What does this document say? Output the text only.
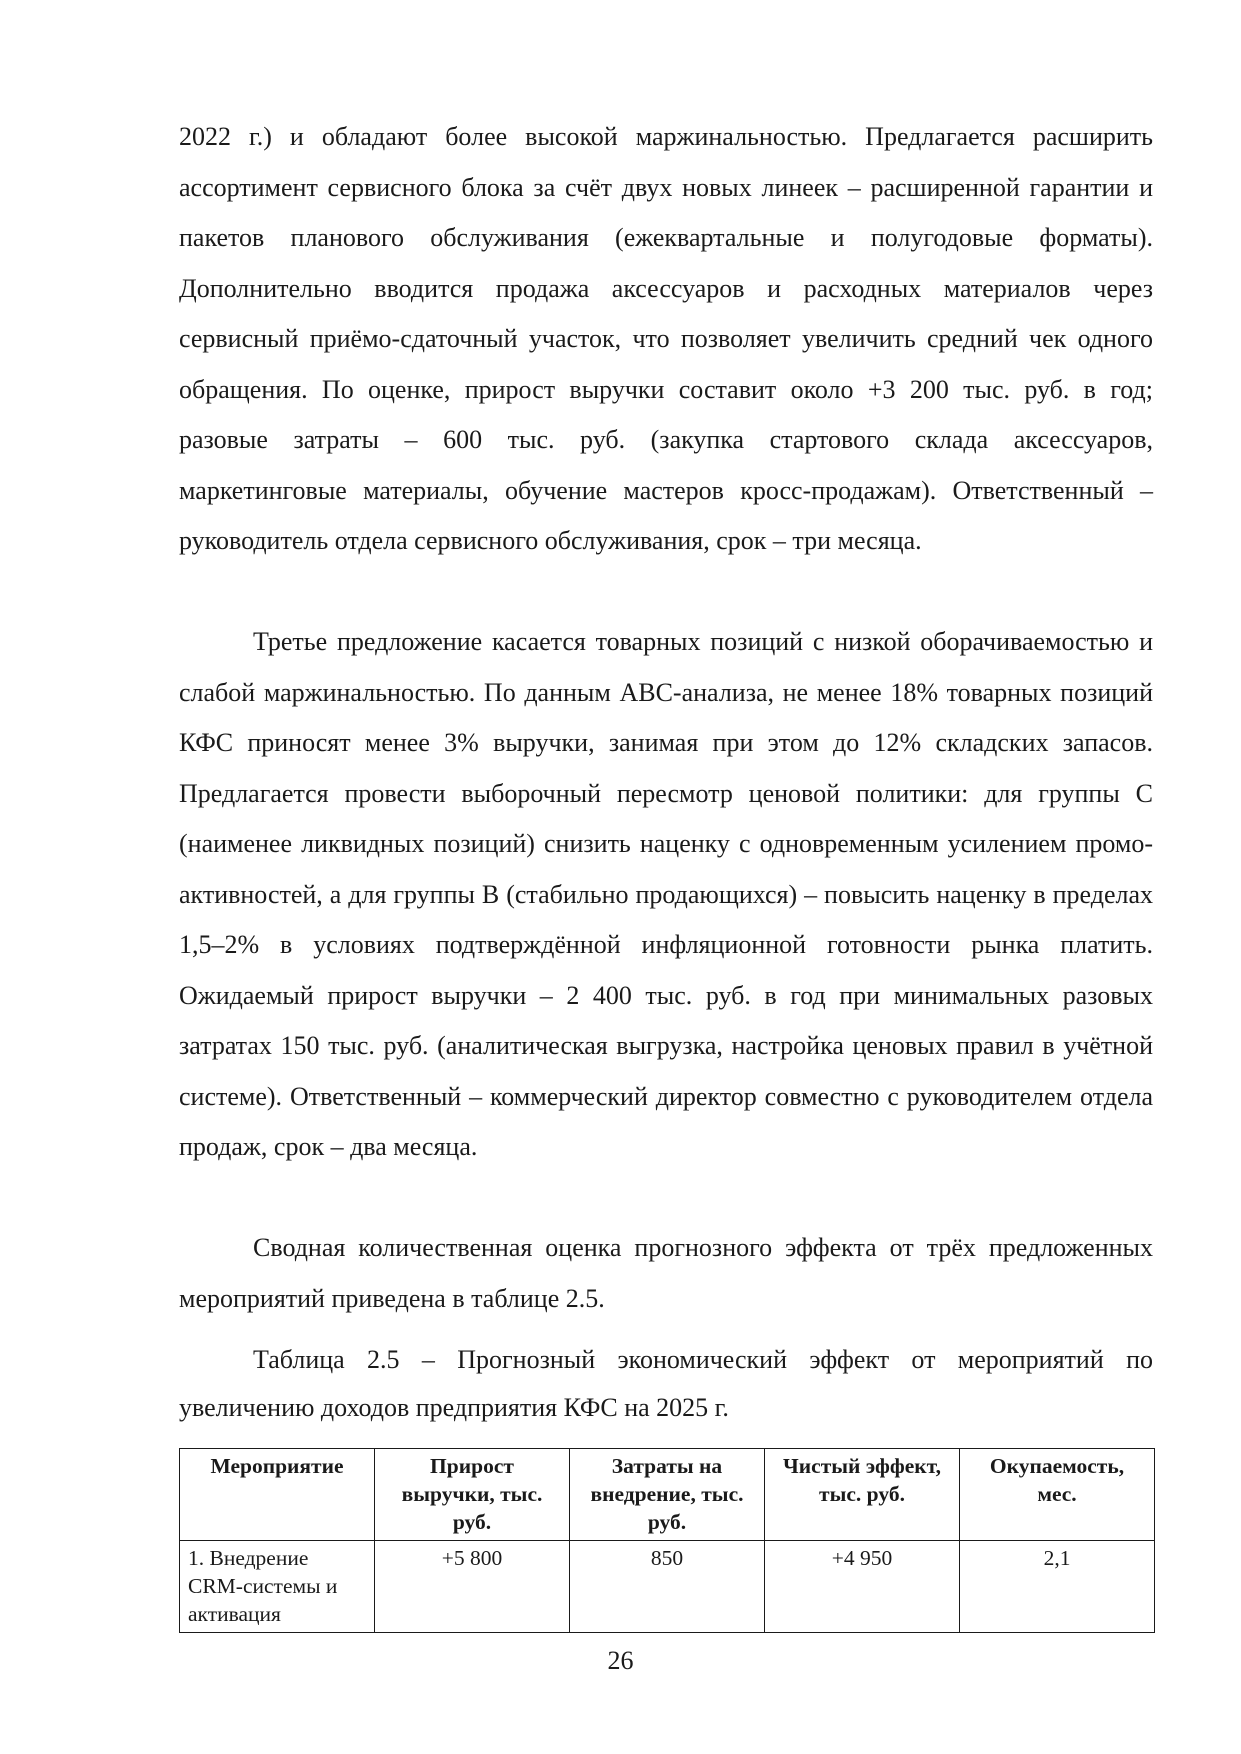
2022 г.) и обладают более высокой маржинальностью. Предлагается расширить ассортимент сервисного блока за счёт двух новых линеек – расширенной гарантии и пакетов планового обслуживания (ежеквартальные и полугодовые форматы). Дополнительно вводится продажа аксессуаров и расходных материалов через сервисный приёмо-сдаточный участок, что позволяет увеличить средний чек одного обращения. По оценке, прирост выручки составит около +3 200 тыс. руб. в год; разовые затраты – 600 тыс. руб. (закупка стартового склада аксессуаров, маркетинговые материалы, обучение мастеров кросс-продажам). Ответственный – руководитель отдела сервисного обслуживания, срок – три месяца.

Третье предложение касается товарных позиций с низкой оборачиваемостью и слабой маржинальностью. По данным ABC-анализа, не менее 18% товарных позиций КФС приносят менее 3% выручки, занимая при этом до 12% складских запасов. Предлагается провести выборочный пересмотр ценовой политики: для группы С (наименее ликвидных позиций) снизить наценку с одновременным усилением промо-активностей, а для группы В (стабильно продающихся) – повысить наценку в пределах 1,5–2% в условиях подтверждённой инфляционной готовности рынка платить. Ожидаемый прирост выручки – 2 400 тыс. руб. в год при минимальных разовых затратах 150 тыс. руб. (аналитическая выгрузка, настройка ценовых правил в учётной системе). Ответственный – коммерческий директор совместно с руководителем отдела продаж, срок – два месяца.

Сводная количественная оценка прогнозного эффекта от трёх предложенных мероприятий приведена в таблице 2.5.

Таблица 2.5 – Прогнозный экономический эффект от мероприятий по увеличению доходов предприятия КФС на 2025 г.

Мероприятие	Прирост выручки, тыс. руб.	Затраты на внедрение, тыс. руб.	Чистый эффект, тыс. руб.	Окупаемость, мес.
1. Внедрение CRM-системы и активация	+5 800	850	+4 950	2,1
26
